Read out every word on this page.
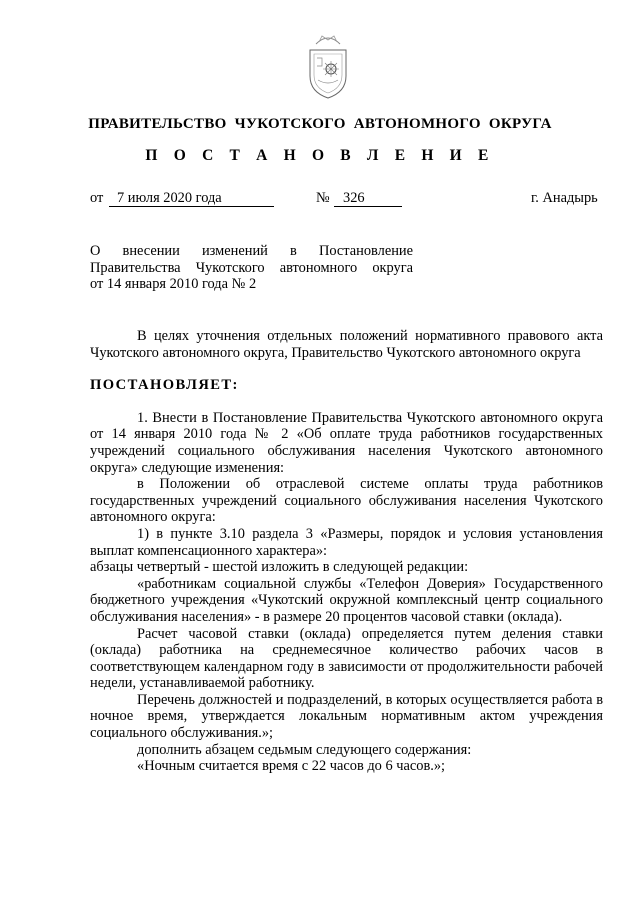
ПРАВИТЕЛЬСТВО ЧУКОТСКОГО АВТОНОМНОГО ОКРУГА
П О С Т А Н О В Л Е Н И Е
от 7 июля 2020 года	№ 326	г. Анадырь
О внесении изменений в Постановление
Правительства Чукотского автономного округа
от 14 января 2010 года № 2

В целях уточнения отдельных положений нормативного правового акта Чукотского автономного округа, Правительство Чукотского автономного округа

ПОСТАНОВЛЯЕТ:

1. Внести в Постановление Правительства Чукотского автономного округа от 14 января 2010 года № 2 «Об оплате труда работников государственных учреждений социального обслуживания населения Чукотского автономного округа» следующие изменения:

в Положении об отраслевой системе оплаты труда работников государственных учреждений социального обслуживания населения Чукотского автономного округа:

1) в пункте 3.10 раздела 3 «Размеры, порядок и условия установления выплат компенсационного характера»:

абзацы четвертый - шестой изложить в следующей редакции:

«работникам социальной службы «Телефон Доверия» Государственного бюджетного учреждения «Чукотский окружной комплексный центр социального обслуживания населения» - в размере 20 процентов часовой ставки (оклада).

Расчет часовой ставки (оклада) определяется путем деления ставки (оклада) работника на среднемесячное количество рабочих часов в соответствующем календарном году в зависимости от продолжительности рабочей недели, устанавливаемой работнику.

Перечень должностей и подразделений, в которых осуществляется работа в ночное время, утверждается локальным нормативным актом учреждения социального обслуживания.»;

дополнить абзацем седьмым следующего содержания:

«Ночным считается время с 22 часов до 6 часов.»;
